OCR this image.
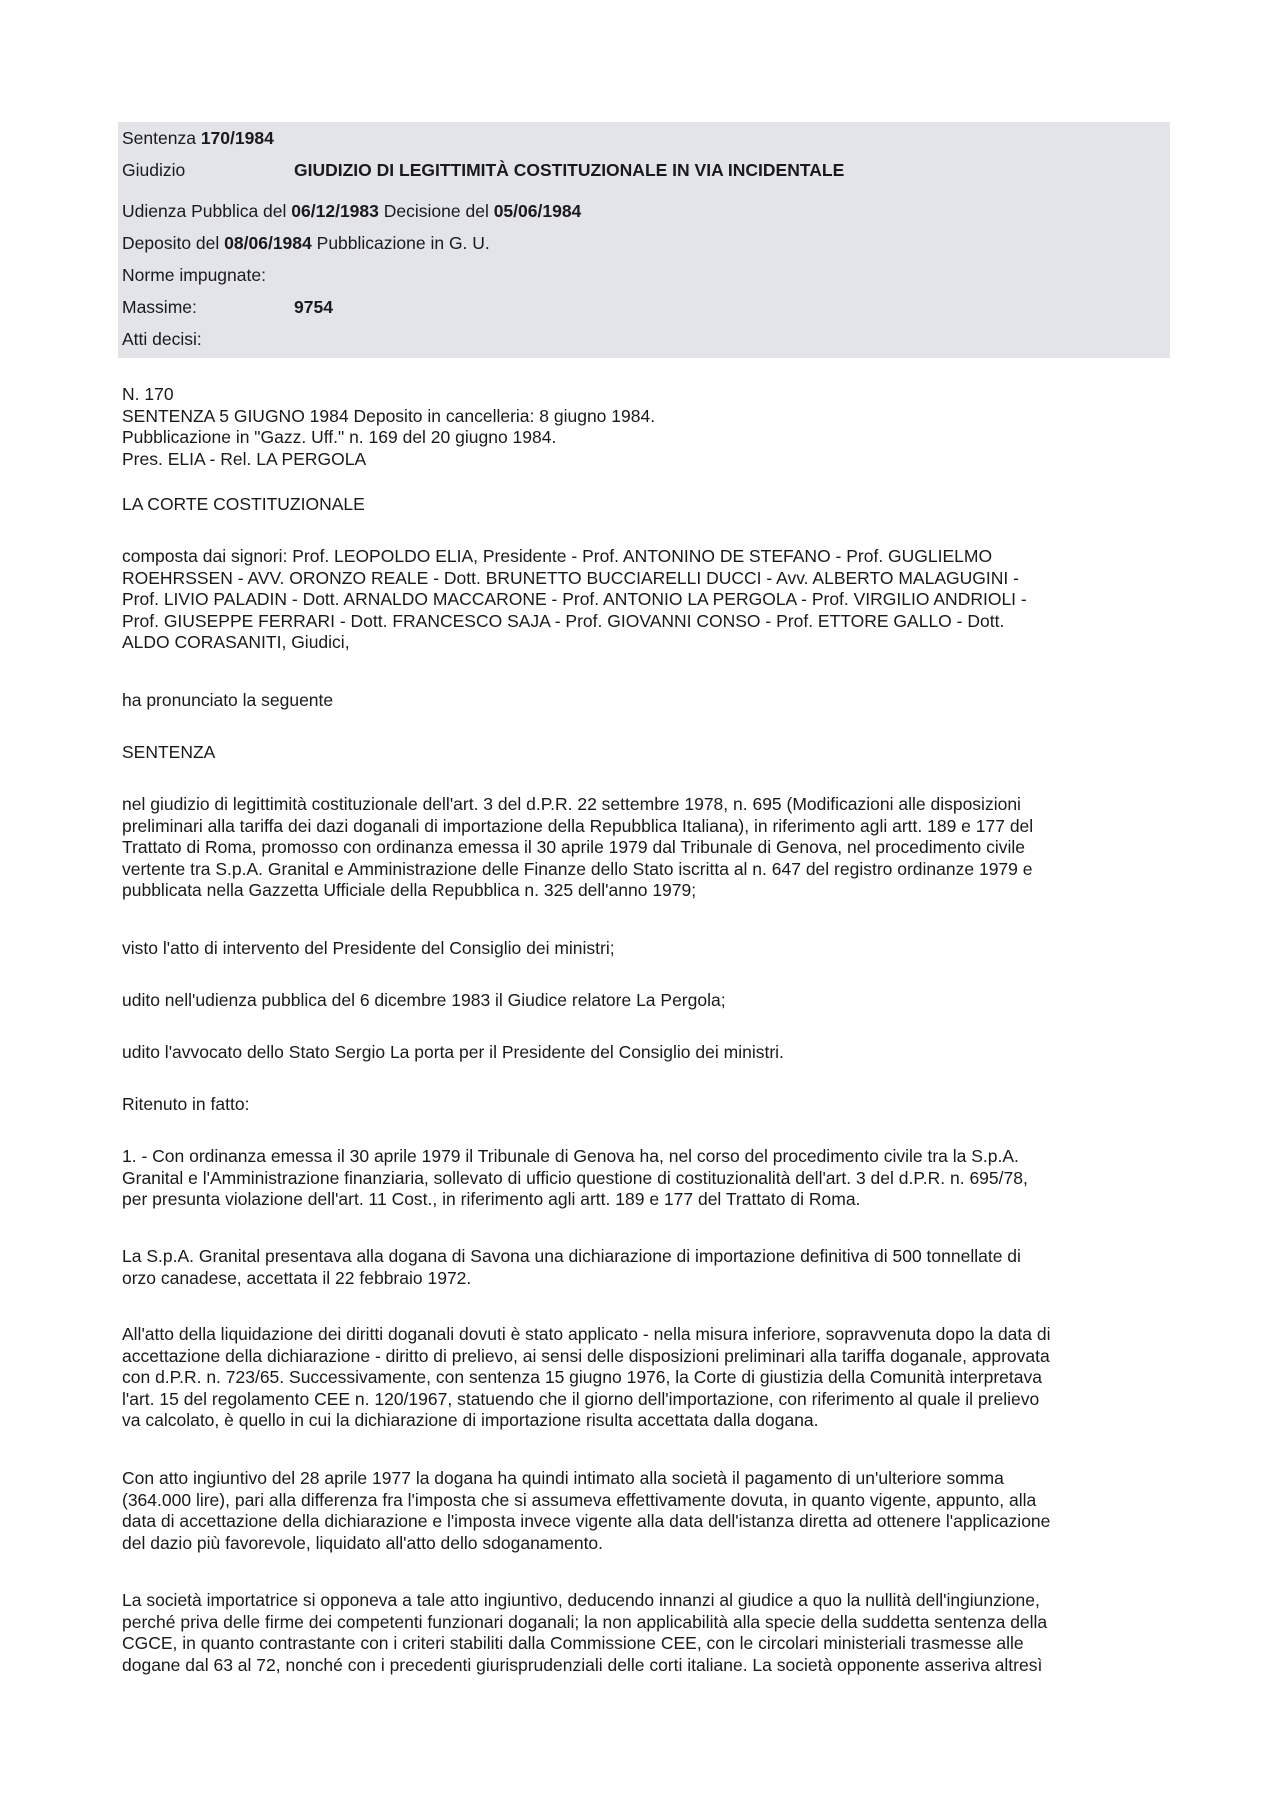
Sentenza 170/1984
Giudizio	GIUDIZIO DI LEGITTIMITÀ COSTITUZIONALE IN VIA INCIDENTALE
Udienza Pubblica del 06/12/1983 Decisione del 05/06/1984
Deposito del 08/06/1984 Pubblicazione in G. U.
Norme impugnate:
Massime:	9754
Atti decisi:
N. 170
SENTENZA 5 GIUGNO 1984 Deposito in cancelleria: 8 giugno 1984.
Pubblicazione in "Gazz. Uff." n. 169 del 20 giugno 1984.
Pres. ELIA - Rel. LA PERGOLA
LA CORTE COSTITUZIONALE
composta dai signori: Prof. LEOPOLDO ELIA, Presidente - Prof. ANTONINO DE STEFANO - Prof. GUGLIELMO
ROEHRSSEN - AVV. ORONZO REALE - Dott. BRUNETTO BUCCIARELLI DUCCI - Avv. ALBERTO MALAGUGINI -
Prof. LIVIO PALADIN - Dott. ARNALDO MACCARONE - Prof. ANTONIO LA PERGOLA - Prof. VIRGILIO ANDRIOLI -
Prof. GIUSEPPE FERRARI - Dott. FRANCESCO SAJA - Prof. GIOVANNI CONSO - Prof. ETTORE GALLO - Dott.
ALDO CORASANITI, Giudici,
ha pronunciato la seguente
SENTENZA
nel giudizio di legittimità costituzionale dell'art. 3 del d.P.R. 22 settembre 1978, n. 695 (Modificazioni alle disposizioni
preliminari alla tariffa dei dazi doganali di importazione della Repubblica Italiana), in riferimento agli artt. 189 e 177 del
Trattato di Roma, promosso con ordinanza emessa il 30 aprile 1979 dal Tribunale di Genova, nel procedimento civile
vertente tra S.p.A. Granital e Amministrazione delle Finanze dello Stato iscritta al n. 647 del registro ordinanze 1979 e
pubblicata nella Gazzetta Ufficiale della Repubblica n. 325 dell'anno 1979;
visto l'atto di intervento del Presidente del Consiglio dei ministri;
udito nell'udienza pubblica del 6 dicembre 1983 il Giudice relatore La Pergola;
udito l'avvocato dello Stato Sergio La porta per il Presidente del Consiglio dei ministri.
Ritenuto in fatto:
1. - Con ordinanza emessa il 30 aprile 1979 il Tribunale di Genova ha, nel corso del procedimento civile tra la S.p.A.
Granital e l'Amministrazione finanziaria, sollevato di ufficio questione di costituzionalità dell'art. 3 del d.P.R. n. 695/78,
per presunta violazione dell'art. 11 Cost., in riferimento agli artt. 189 e 177 del Trattato di Roma.
La S.p.A. Granital presentava alla dogana di Savona una dichiarazione di importazione definitiva di 500 tonnellate di
orzo canadese, accettata il 22 febbraio 1972.
All'atto della liquidazione dei diritti doganali dovuti è stato applicato - nella misura inferiore, sopravvenuta dopo la data di
accettazione della dichiarazione - diritto di prelievo, ai sensi delle disposizioni preliminari alla tariffa doganale, approvata
con d.P.R. n. 723/65. Successivamente, con sentenza 15 giugno 1976, la Corte di giustizia della Comunità interpretava
l'art. 15 del regolamento CEE n. 120/1967, statuendo che il giorno dell'importazione, con riferimento al quale il prelievo
va calcolato, è quello in cui la dichiarazione di importazione risulta accettata dalla dogana.
Con atto ingiuntivo del 28 aprile 1977 la dogana ha quindi intimato alla società il pagamento di un'ulteriore somma
(364.000 lire), pari alla differenza fra l'imposta che si assumeva effettivamente dovuta, in quanto vigente, appunto, alla
data di accettazione della dichiarazione e l'imposta invece vigente alla data dell'istanza diretta ad ottenere l'applicazione
del dazio più favorevole, liquidato all'atto dello sdoganamento.
La società importatrice si opponeva a tale atto ingiuntivo, deducendo innanzi al giudice a quo la nullità dell'ingiunzione,
perché priva delle firme dei competenti funzionari doganali; la non applicabilità alla specie della suddetta sentenza della
CGCE, in quanto contrastante con i criteri stabiliti dalla Commissione CEE, con le circolari ministeriali trasmesse alle
dogane dal 63 al 72, nonché con i precedenti giurisprudenziali delle corti italiane. La società opponente asseriva altresì
